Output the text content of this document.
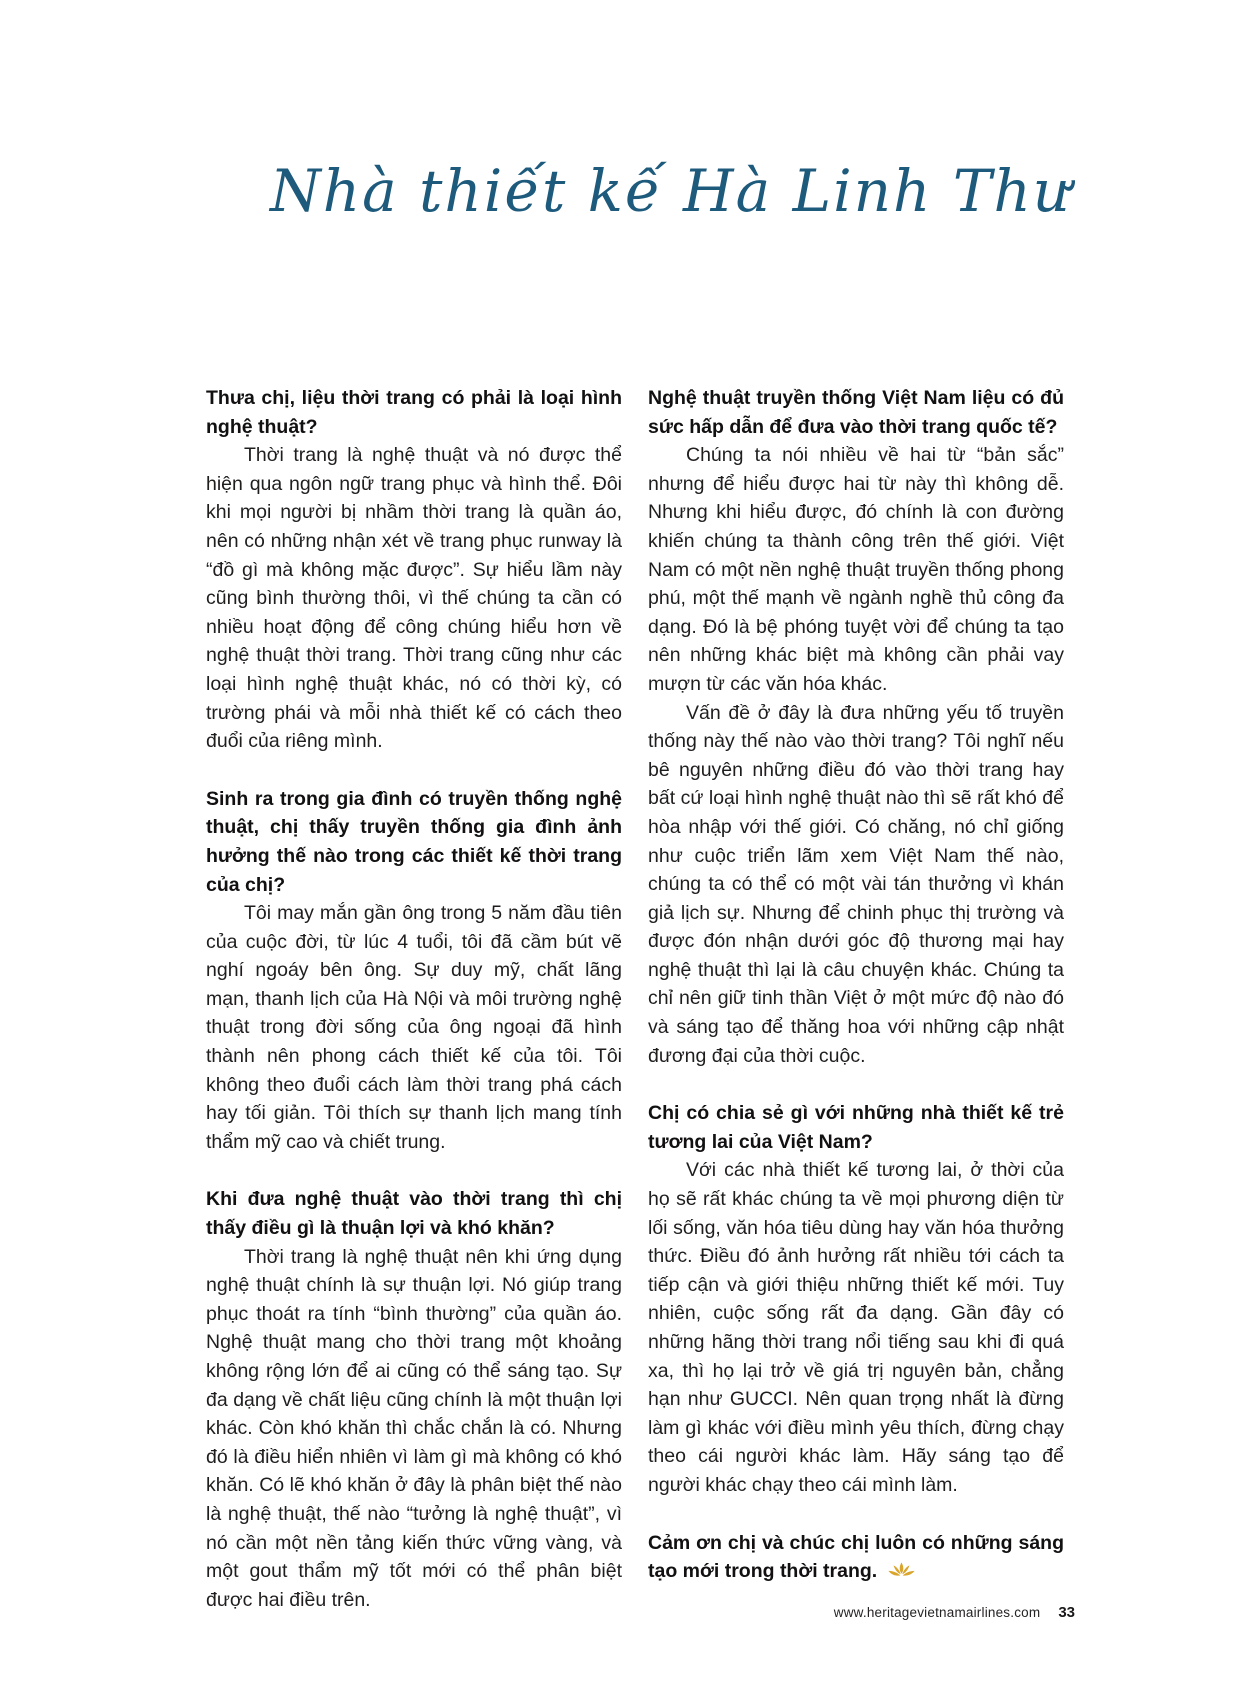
Nhà thiết kế Hà Linh Thư

Thưa chị, liệu thời trang có phải là loại hình nghệ thuật?

Thời trang là nghệ thuật và nó được thể hiện qua ngôn ngữ trang phục và hình thể. Đôi khi mọi người bị nhầm thời trang là quần áo, nên có những nhận xét về trang phục runway là “đồ gì mà không mặc được”. Sự hiểu lầm này cũng bình thường thôi, vì thế chúng ta cần có nhiều hoạt động để công chúng hiểu hơn về nghệ thuật thời trang. Thời trang cũng như các loại hình nghệ thuật khác, nó có thời kỳ, có trường phái và mỗi nhà thiết kế có cách theo đuổi của riêng mình.

Sinh ra trong gia đình có truyền thống nghệ thuật, chị thấy truyền thống gia đình ảnh hưởng thế nào trong các thiết kế thời trang của chị?

Tôi may mắn gần ông trong 5 năm đầu tiên của cuộc đời, từ lúc 4 tuổi, tôi đã cầm bút vẽ nghí ngoáy bên ông. Sự duy mỹ, chất lãng mạn, thanh lịch của Hà Nội và môi trường nghệ thuật trong đời sống của ông ngoại đã hình thành nên phong cách thiết kế của tôi. Tôi không theo đuổi cách làm thời trang phá cách hay tối giản. Tôi thích sự thanh lịch mang tính thẩm mỹ cao và chiết trung.

Khi đưa nghệ thuật vào thời trang thì chị thấy điều gì là thuận lợi và khó khăn?

Thời trang là nghệ thuật nên khi ứng dụng nghệ thuật chính là sự thuận lợi. Nó giúp trang phục thoát ra tính “bình thường” của quần áo. Nghệ thuật mang cho thời trang một khoảng không rộng lớn để ai cũng có thể sáng tạo. Sự đa dạng về chất liệu cũng chính là một thuận lợi khác. Còn khó khăn thì chắc chắn là có. Nhưng đó là điều hiển nhiên vì làm gì mà không có khó khăn. Có lẽ khó khăn ở đây là phân biệt thế nào là nghệ thuật, thế nào “tưởng là nghệ thuật”, vì nó cần một nền tảng kiến thức vững vàng, và một gout thẩm mỹ tốt mới có thể phân biệt được hai điều trên.

Nghệ thuật truyền thống Việt Nam liệu có đủ sức hấp dẫn để đưa vào thời trang quốc tế?

Chúng ta nói nhiều về hai từ “bản sắc” nhưng để hiểu được hai từ này thì không dễ. Nhưng khi hiểu được, đó chính là con đường khiến chúng ta thành công trên thế giới. Việt Nam có một nền nghệ thuật truyền thống phong phú, một thế mạnh về ngành nghề thủ công đa dạng. Đó là bệ phóng tuyệt vời để chúng ta tạo nên những khác biệt mà không cần phải vay mượn từ các văn hóa khác.

Vấn đề ở đây là đưa những yếu tố truyền thống này thế nào vào thời trang? Tôi nghĩ nếu bê nguyên những điều đó vào thời trang hay bất cứ loại hình nghệ thuật nào thì sẽ rất khó để hòa nhập với thế giới. Có chăng, nó chỉ giống như cuộc triển lãm xem Việt Nam thế nào, chúng ta có thể có một vài tán thưởng vì khán giả lịch sự. Nhưng để chinh phục thị trường và được đón nhận dưới góc độ thương mại hay nghệ thuật thì lại là câu chuyện khác. Chúng ta chỉ nên giữ tinh thần Việt ở một mức độ nào đó và sáng tạo để thăng hoa với những cập nhật đương đại của thời cuộc.

Chị có chia sẻ gì với những nhà thiết kế trẻ tương lai của Việt Nam?

Với các nhà thiết kế tương lai, ở thời của họ sẽ rất khác chúng ta về mọi phương diện từ lối sống, văn hóa tiêu dùng hay văn hóa thưởng thức. Điều đó ảnh hưởng rất nhiều tới cách ta tiếp cận và giới thiệu những thiết kế mới. Tuy nhiên, cuộc sống rất đa dạng. Gần đây có những hãng thời trang nổi tiếng sau khi đi quá xa, thì họ lại trở về giá trị nguyên bản, chẳng hạn như GUCCI. Nên quan trọng nhất là đừng làm gì khác với điều mình yêu thích, đừng chạy theo cái người khác làm. Hãy sáng tạo để người khác chạy theo cái mình làm.

Cảm ơn chị và chúc chị luôn có những sáng tạo mới trong thời trang.

www.heritagevietnamairlines.com 33
